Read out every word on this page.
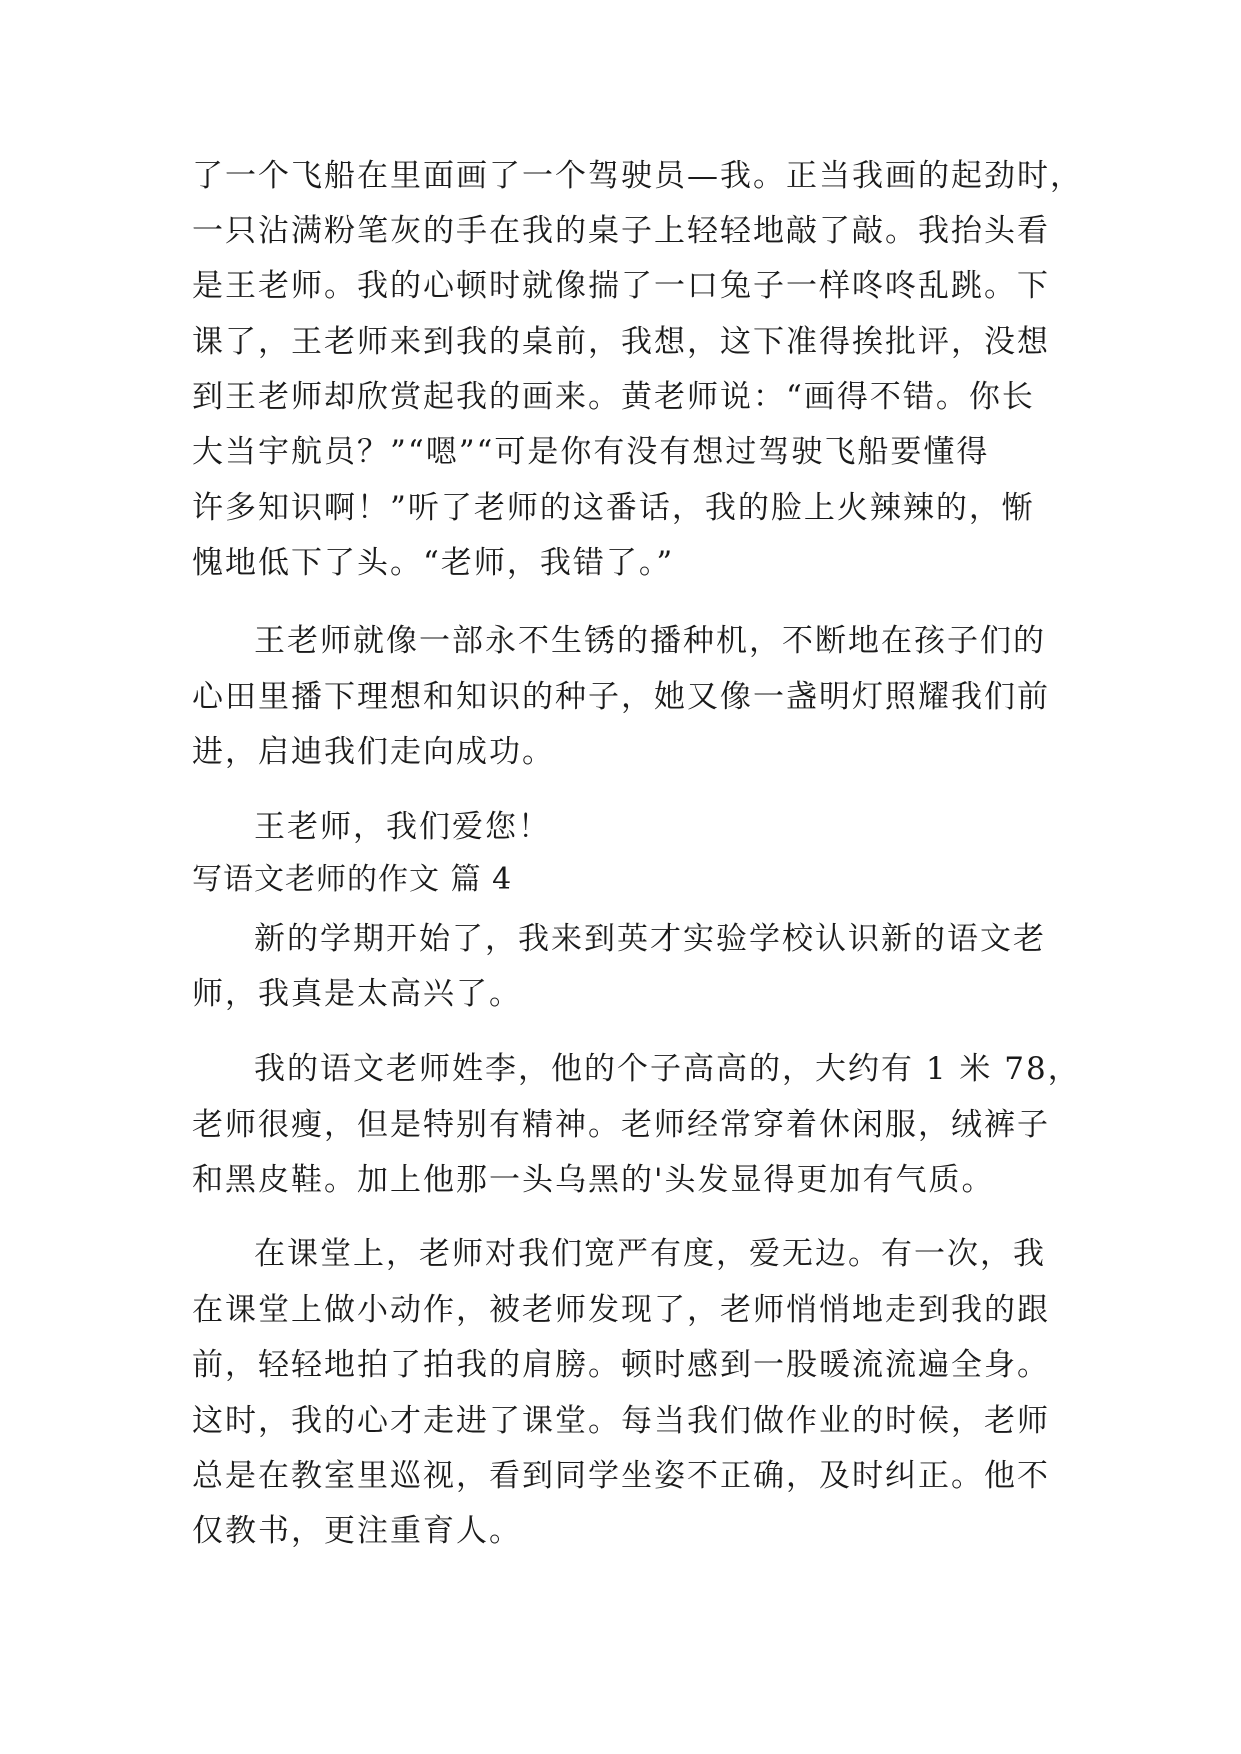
了一个飞船在里面画了一个驾驶员—我。正当我画的起劲时，
一只沾满粉笔灰的手在我的桌子上轻轻地敲了敲。我抬头看
是王老师。我的心顿时就像揣了一口兔子一样咚咚乱跳。下
课了，王老师来到我的桌前，我想，这下准得挨批评，没想
到王老师却欣赏起我的画来。黄老师说：“画得不错。你长
大当宇航员？”“嗯”“可是你有没有想过驾驶飞船要懂得
许多知识啊！”听了老师的这番话，我的脸上火辣辣的，惭
愧地低下了头。“老师，我错了。”
王老师就像一部永不生锈的播种机，不断地在孩子们的
心田里播下理想和知识的种子，她又像一盏明灯照耀我们前
进，启迪我们走向成功。
王老师，我们爱您！
写语文老师的作文 篇 4
新的学期开始了，我来到英才实验学校认识新的语文老
师，我真是太高兴了。
我的语文老师姓李，他的个子高高的，大约有 1 米 78，
老师很瘦，但是特别有精神。老师经常穿着休闲服，绒裤子
和黑皮鞋。加上他那一头乌黑的'头发显得更加有气质。
在课堂上，老师对我们宽严有度，爱无边。有一次，我
在课堂上做小动作，被老师发现了，老师悄悄地走到我的跟
前，轻轻地拍了拍我的肩膀。顿时感到一股暖流流遍全身。
这时，我的心才走进了课堂。每当我们做作业的时候，老师
总是在教室里巡视，看到同学坐姿不正确，及时纠正。他不
仅教书，更注重育人。
